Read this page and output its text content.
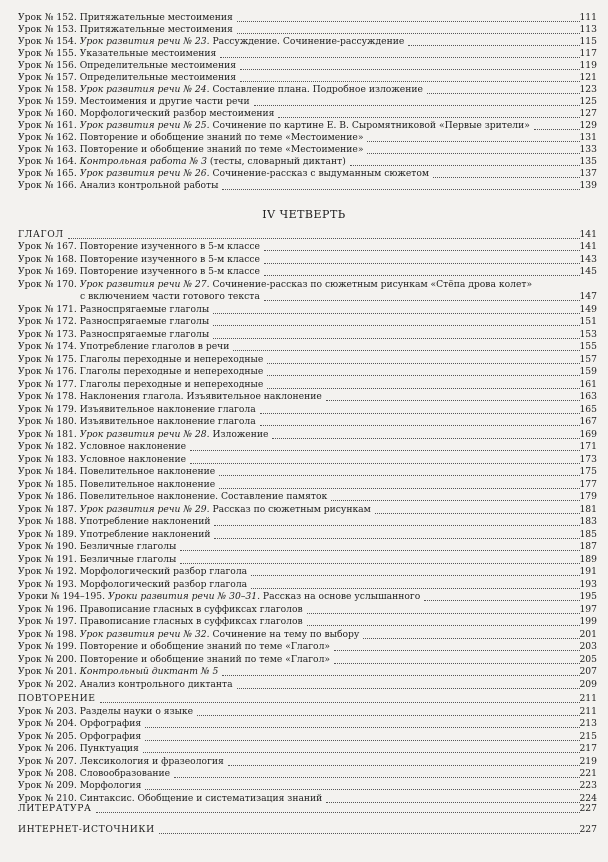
Урок № 152. Притяжательные местоимения	111
Урок № 153. Притяжательные местоимения	113
Урок № 154. Урок развития речи № 23. Рассуждение. Сочинение-рассуждение	115
Урок № 155. Указательные местоимения	117
Урок № 156. Определительные местоимения	119
Урок № 157. Определительные местоимения	121
Урок № 158. Урок развития речи № 24. Составление плана. Подробное изложение	123
Урок № 159. Местоимения и другие части речи	125
Урок № 160. Морфологический разбор местоимения	127
Урок № 161. Урок развития речи № 25. Сочинение по картине Е. В. Сыромятниковой «Первые зрители»	129
Урок № 162. Повторение и обобщение знаний по теме «Местоимение»	131
Урок № 163. Повторение и обобщение знаний по теме «Местоимение»	133
Урок № 164. Контрольная работа № 3 (тесты, словарный диктант)	135
Урок № 165. Урок развития речи № 26. Сочинение-рассказ с выдуманным сюжетом	137
Урок № 166. Анализ контрольной работы	139
IV ЧЕТВЕРТЬ
ГЛАГОЛ	141
Урок № 167. Повторение изученного в 5-м классе	141
Урок № 168. Повторение изученного в 5-м классе	143
Урок № 169. Повторение изученного в 5-м классе	145
Урок № 170. Урок развития речи № 27. Сочинение-рассказ по сюжетным рисункам «Стёпа дрова колет»
с включением части готового текста	147
Урок № 171. Разноспрягаемые глаголы	149
Урок № 172. Разноспрягаемые глаголы	151
Урок № 173. Разноспрягаемые глаголы	153
Урок № 174. Употребление глаголов в речи	155
Урок № 175. Глаголы переходные и непереходные	157
Урок № 176. Глаголы переходные и непереходные	159
Урок № 177. Глаголы переходные и непереходные	161
Урок № 178. Наклонения глагола. Изъявительное наклонение	163
Урок № 179. Изъявительное наклонение глагола	165
Урок № 180. Изъявительное наклонение глагола	167
Урок № 181. Урок развития речи № 28. Изложение	169
Урок № 182. Условное наклонение	171
Урок № 183. Условное наклонение	173
Урок № 184. Повелительное наклонение	175
Урок № 185. Повелительное наклонение	177
Урок № 186. Повелительное наклонение. Составление памяток	179
Урок № 187. Урок развития речи № 29. Рассказ по сюжетным рисункам	181
Урок № 188. Употребление наклонений	183
Урок № 189. Употребление наклонений	185
Урок № 190. Безличные глаголы	187
Урок № 191. Безличные глаголы	189
Урок № 192. Морфологический разбор глагола	191
Урок № 193. Морфологический разбор глагола	193
Уроки № 194–195. Уроки развития речи № 30–31. Рассказ на основе услышанного	195
Урок № 196. Правописание гласных в суффиксах глаголов	197
Урок № 197. Правописание гласных в суффиксах глаголов	199
Урок № 198. Урок развития речи № 32. Сочинение на тему по выбору	201
Урок № 199. Повторение и обобщение знаний по теме «Глагол»	203
Урок № 200. Повторение и обобщение знаний по теме «Глагол»	205
Урок № 201. Контрольный диктант № 5	207
Урок № 202. Анализ контрольного диктанта	209
ПОВТОРЕНИЕ	211
Урок № 203. Разделы науки о языке	211
Урок № 204. Орфография	213
Урок № 205. Орфография	215
Урок № 206. Пунктуация	217
Урок № 207. Лексикология и фразеология	219
Урок № 208. Словообразование	221
Урок № 209. Морфология	223
Урок № 210. Синтаксис. Обобщение и систематизация знаний	224
ЛИТЕРАТУРА	227
ИНТЕРНЕТ-ИСТОЧНИКИ	227
